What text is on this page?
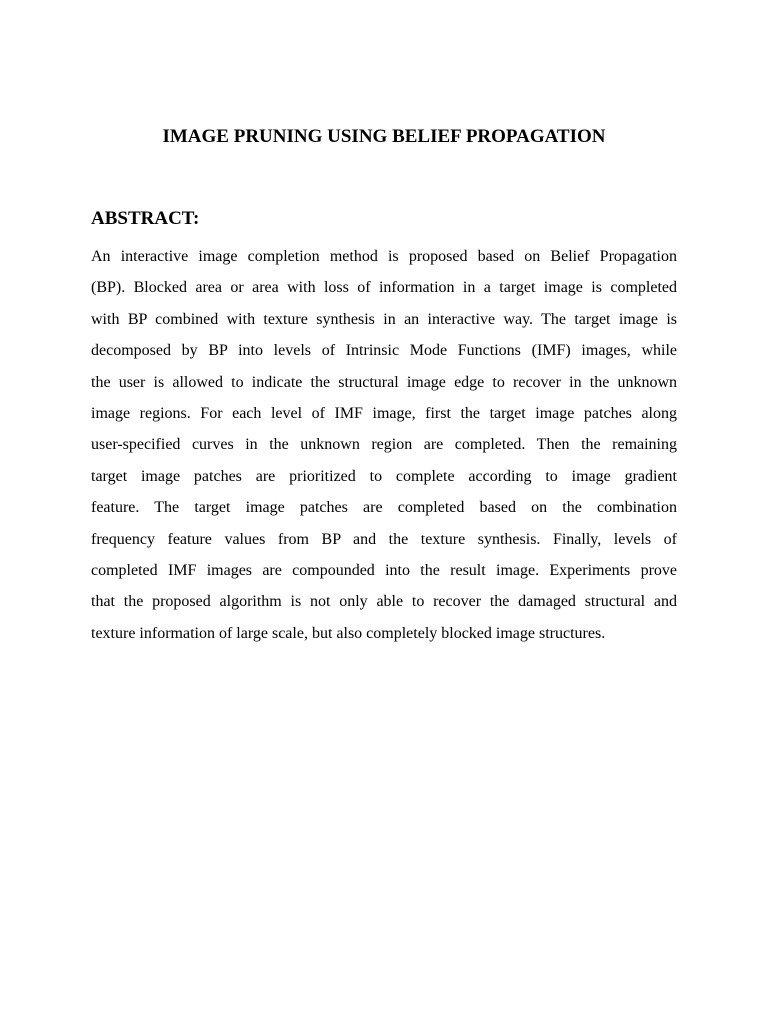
IMAGE PRUNING USING BELIEF PROPAGATION
ABSTRACT:
An interactive image completion method is proposed based on Belief Propagation
(BP). Blocked area or area with loss of information in a target image is completed
with BP combined with texture synthesis in an interactive way. The target image is
decomposed by BP into levels of Intrinsic Mode Functions (IMF) images, while
the user is allowed to indicate the structural image edge to recover in the unknown
image regions. For each level of IMF image, first the target image patches along
user-specified curves in the unknown region are completed. Then the remaining
target image patches are prioritized to complete according to image gradient
feature. The target image patches are completed based on the combination
frequency feature values from BP and the texture synthesis. Finally, levels of
completed IMF images are compounded into the result image. Experiments prove
that the proposed algorithm is not only able to recover the damaged structural and
texture information of large scale, but also completely blocked image structures.
